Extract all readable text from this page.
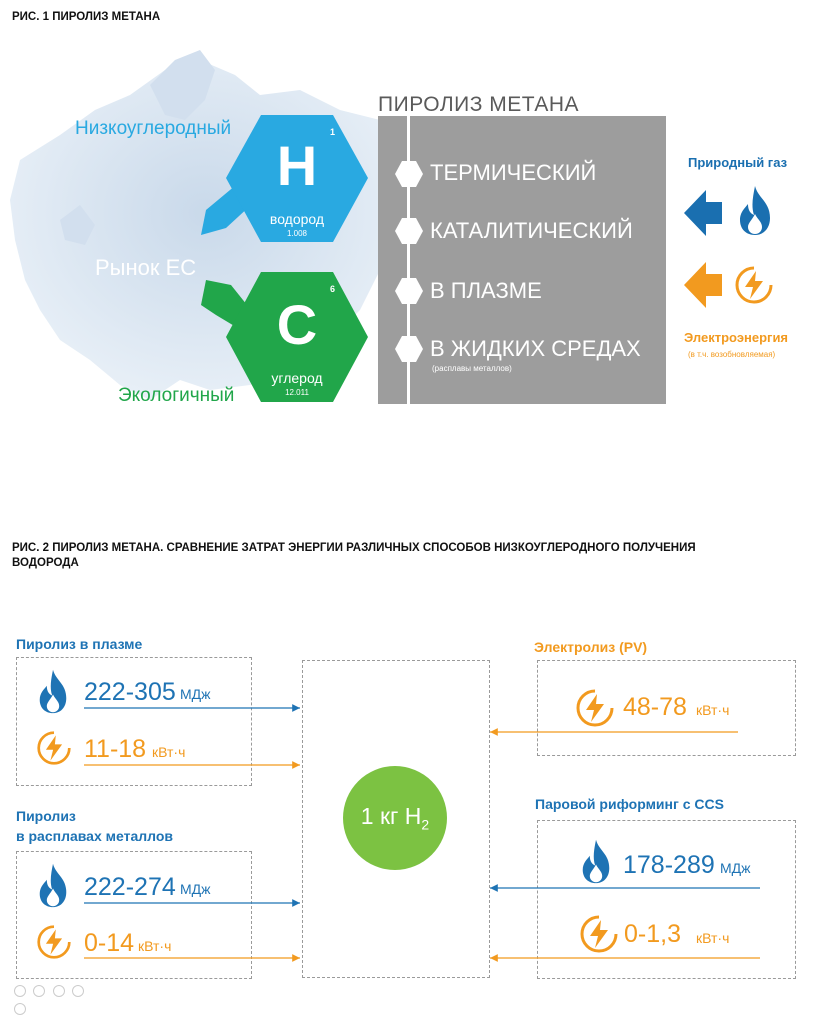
РИС. 1 ПИРОЛИЗ МЕТАНА
Низкоуглеродный
Рынок ЕС
Экологичный
1
H
водород
1.008
6
C
углерод
12.011
ПИРОЛИЗ МЕТАНА
ТЕРМИЧЕСКИЙ
КАТАЛИТИЧЕСКИЙ
В ПЛАЗМЕ
В ЖИДКИХ СРЕДАХ
(расплавы металлов)
Природный газ
Электроэнергия
(в т.ч. возобновляемая)
РИС. 2 ПИРОЛИЗ МЕТАНА. СРАВНЕНИЕ ЗАТРАТ ЭНЕРГИИ РАЗЛИЧНЫХ СПОСОБОВ НИЗКОУГЛЕРОДНОГО ПОЛУЧЕНИЯ
ВОДОРОДА
Пиролиз в плазме
222-305 МДж
11-18 кВт·ч
Пиролиз
в расплавах металлов
222-274 МДж
0-14 кВт·ч
1 кг $H_2$
Электролиз (PV)
48-78 кВт·ч
Паровой риформинг с CCS
178-289 МДж
0-1,3 кВт·ч
